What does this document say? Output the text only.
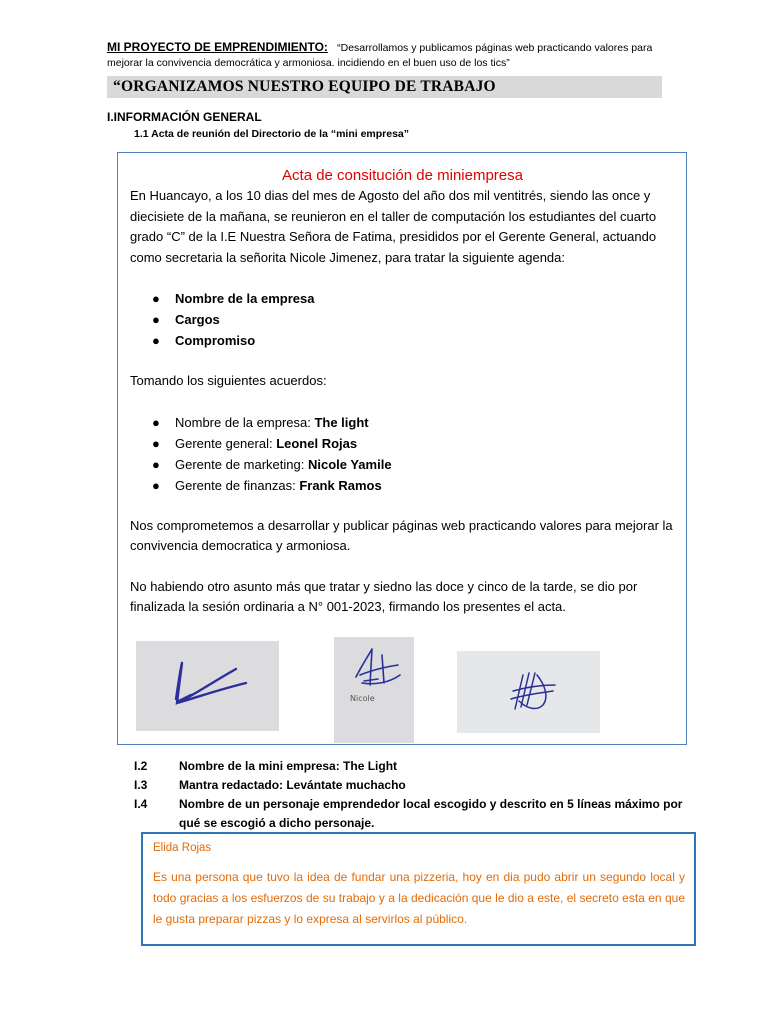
MI PROYECTO DE EMPRENDIMIENTO: “Desarrollamos y publicamos páginas web practicando valores para
mejorar la convivencia democrática y armoniosa. incidiendo en el buen uso de los tics”
“ORGANIZAMOS NUESTRO EQUIPO DE TRABAJO
I.INFORMACIÓN GENERAL
1.1 Acta de reunión del Directorio de la “mini empresa”
Acta de consitución de miniempresa

En Huancayo, a los 10 dias del mes de Agosto del año dos mil ventitrés, siendo las once y diecisiete de la mañana, se reunieron en el taller de computación los estudiantes del cuarto grado “C” de la I.E Nuestra Señora de Fatima, presididos por el Gerente General, actuando como secretaria la señorita Nicole Jimenez, para tratar la siguiente agenda:

● Nombre de la empresa
● Cargos
● Compromiso

Tomando los siguientes acuerdos:

● Nombre de la empresa: The light
● Gerente general: Leonel Rojas
● Gerente de marketing: Nicole Yamile
● Gerente de finanzas: Frank Ramos

Nos comprometemos a desarrollar y publicar páginas web practicando valores para mejorar la convivencia democratica y armoniosa.

No habiendo otro asunto más que tratar y siedno las doce y cinco de la tarde, se dio por finalizada la sesión ordinaria a N° 001-2023, firmando los presentes el acta.

Nicole
I.2	Nombre de la mini empresa: The Light
I.3	Mantra redactado: Levántate muchacho
I.4	Nombre de un personaje emprendedor local escogido y descrito en 5 líneas máximo por qué se escogió a dicho personaje.
Elida Rojas
Es una persona que tuvo la idea de fundar una pizzeria, hoy en dia pudo abrir un segundo local y todo gracias a los esfuerzos de su trabajo y a la dedicación que le dio a este, el secreto esta en que le gusta preparar pizzas y lo expresa al servirlos al público.
